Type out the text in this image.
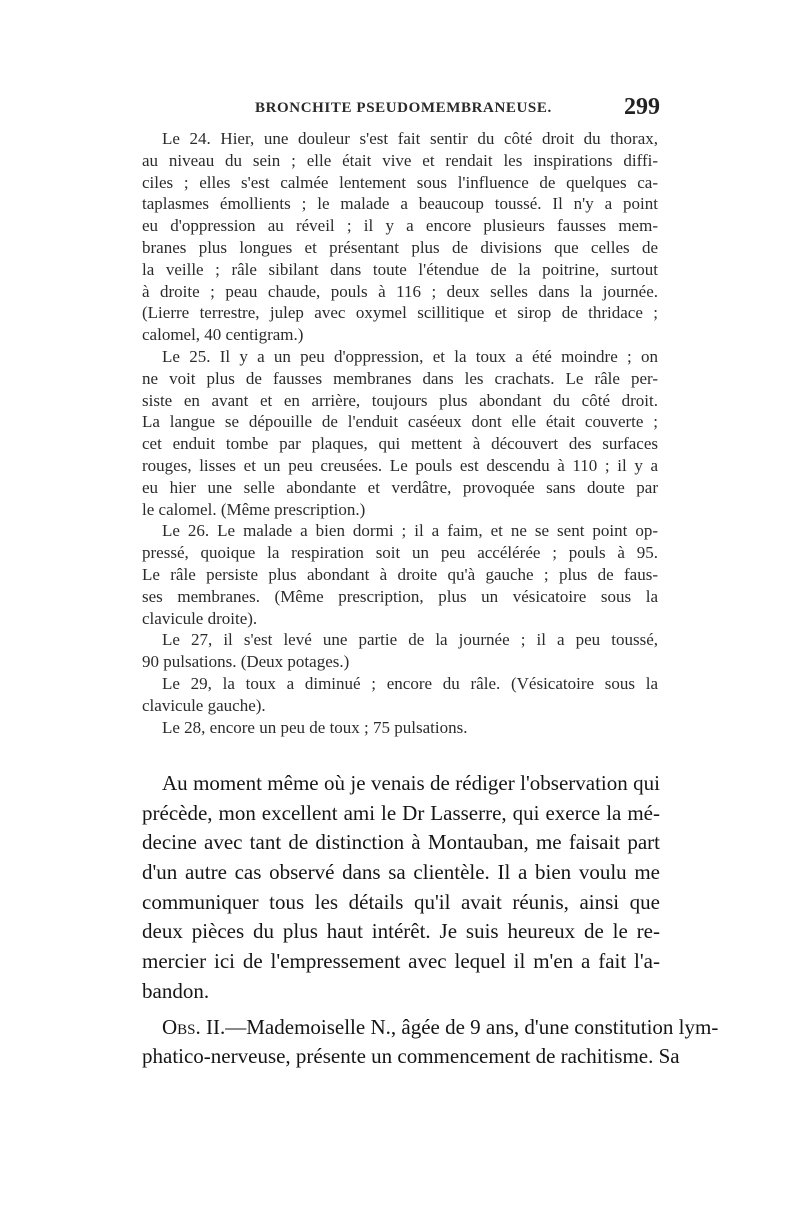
BRONCHITE PSEUDOMEMBRANEUSE.	299
Le 24. Hier, une douleur s'est fait sentir du côté droit du thorax,
au niveau du sein ; elle était vive et rendait les inspirations diffi-
ciles ; elles s'est calmée lentement sous l'influence de quelques ca-
taplasmes émollients ; le malade a beaucoup toussé. Il n'y a point
eu d'oppression au réveil ; il y a encore plusieurs fausses mem-
branes plus longues et présentant plus de divisions que celles de
la veille ; râle sibilant dans toute l'étendue de la poitrine, surtout
à droite ; peau chaude, pouls à 116 ; deux selles dans la journée.
(Lierre terrestre, julep avec oxymel scillitique et sirop de thridace ;
calomel, 40 centigram.)
Le 25. Il y a un peu d'oppression, et la toux a été moindre ; on
ne voit plus de fausses membranes dans les crachats. Le râle per-
siste en avant et en arrière, toujours plus abondant du côté droit.
La langue se dépouille de l'enduit caséeux dont elle était couverte ;
cet enduit tombe par plaques, qui mettent à découvert des surfaces
rouges, lisses et un peu creusées. Le pouls est descendu à 110 ; il y a
eu hier une selle abondante et verdâtre, provoquée sans doute par
le calomel. (Même prescription.)
Le 26. Le malade a bien dormi ; il a faim, et ne se sent point op-
pressé, quoique la respiration soit un peu accélérée ; pouls à 95.
Le râle persiste plus abondant à droite qu'à gauche ; plus de faus-
ses membranes. (Même prescription, plus un vésicatoire sous la
clavicule droite).
Le 27, il s'est levé une partie de la journée ; il a peu toussé,
90 pulsations. (Deux potages.)
Le 29, la toux a diminué ; encore du râle. (Vésicatoire sous la
clavicule gauche).
Le 28, encore un peu de toux ; 75 pulsations.
Au moment même où je venais de rédiger l'observation qui
précède, mon excellent ami le Dr Lasserre, qui exerce la mé-
decine avec tant de distinction à Montauban, me faisait part
d'un autre cas observé dans sa clientèle. Il a bien voulu me
communiquer tous les détails qu'il avait réunis, ainsi que
deux pièces du plus haut intérêt. Je suis heureux de le re-
mercier ici de l'empressement avec lequel il m'en a fait l'a-
bandon.
Obs. II.—Mademoiselle N., âgée de 9 ans, d'une constitution lym-
phatico-nerveuse, présente un commencement de rachitisme. Sa
